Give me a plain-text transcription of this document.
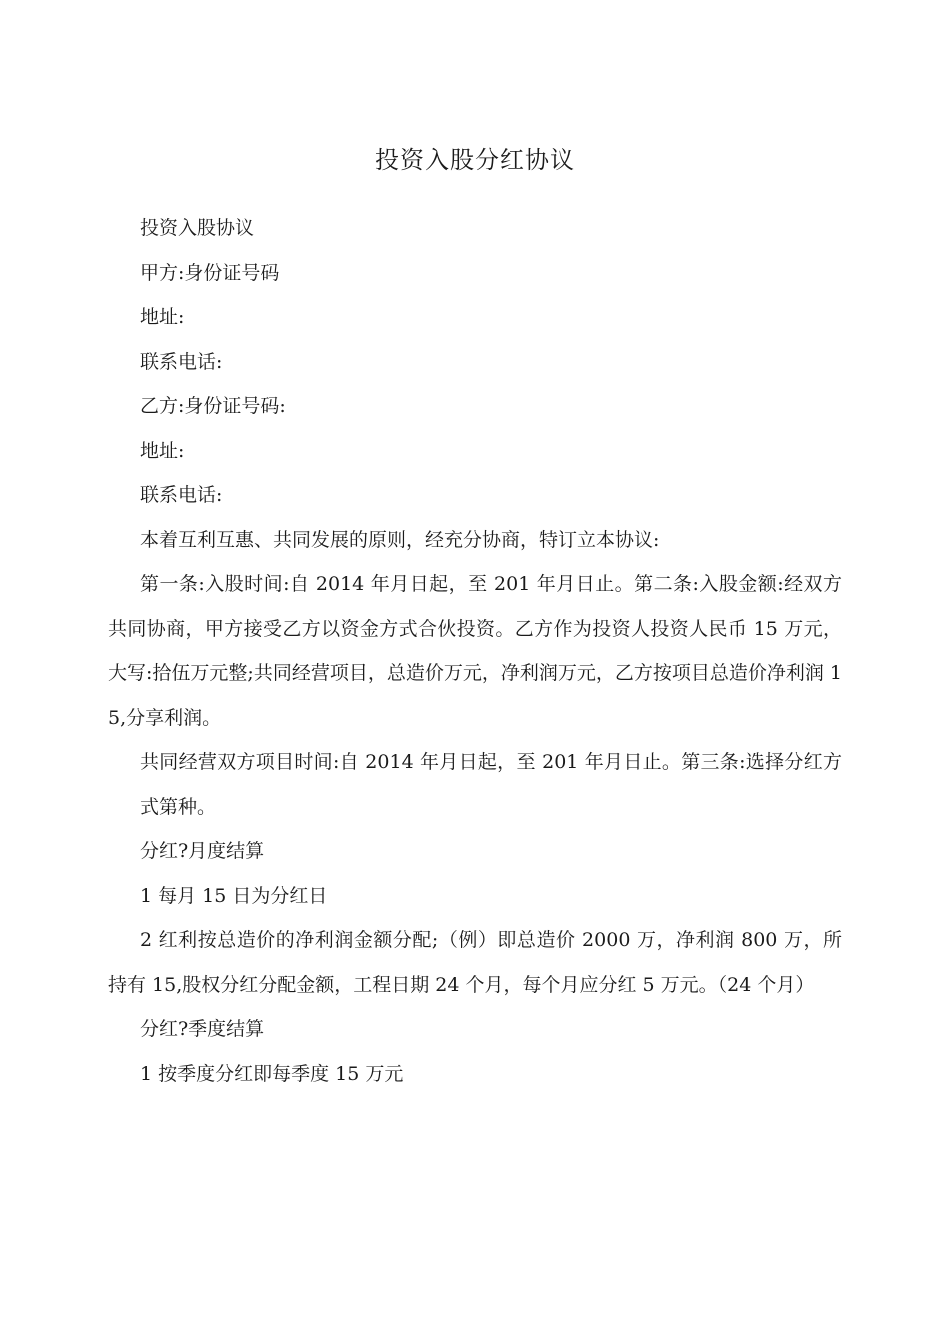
投资入股分红协议

投资入股协议

甲方:身份证号码

地址:

联系电话:

乙方:身份证号码:

地址:

联系电话:

本着互利互惠、共同发展的原则，经充分协商，特订立本协议:

第一条:入股时间:自 2014 年月日起，至 201 年月日止。第二条:入股金额:经双方共同协商，甲方接受乙方以资金方式合伙投资。乙方作为投资人投资人民币 15 万元，大写:拾伍万元整;共同经营项目，总造价万元，净利润万元，乙方按项目总造价净利润 15,分享利润。

共同经营双方项目时间:自 2014 年月日起，至 201 年月日止。第三条:选择分红方式第种。

分红?月度结算

1 每月 15 日为分红日

2 红利按总造价的净利润金额分配;（例）即总造价 2000 万，净利润 800 万，所持有 15,股权分红分配金额，工程日期 24 个月，每个月应分红 5 万元。（24 个月）

分红?季度结算

1 按季度分红即每季度 15 万元
